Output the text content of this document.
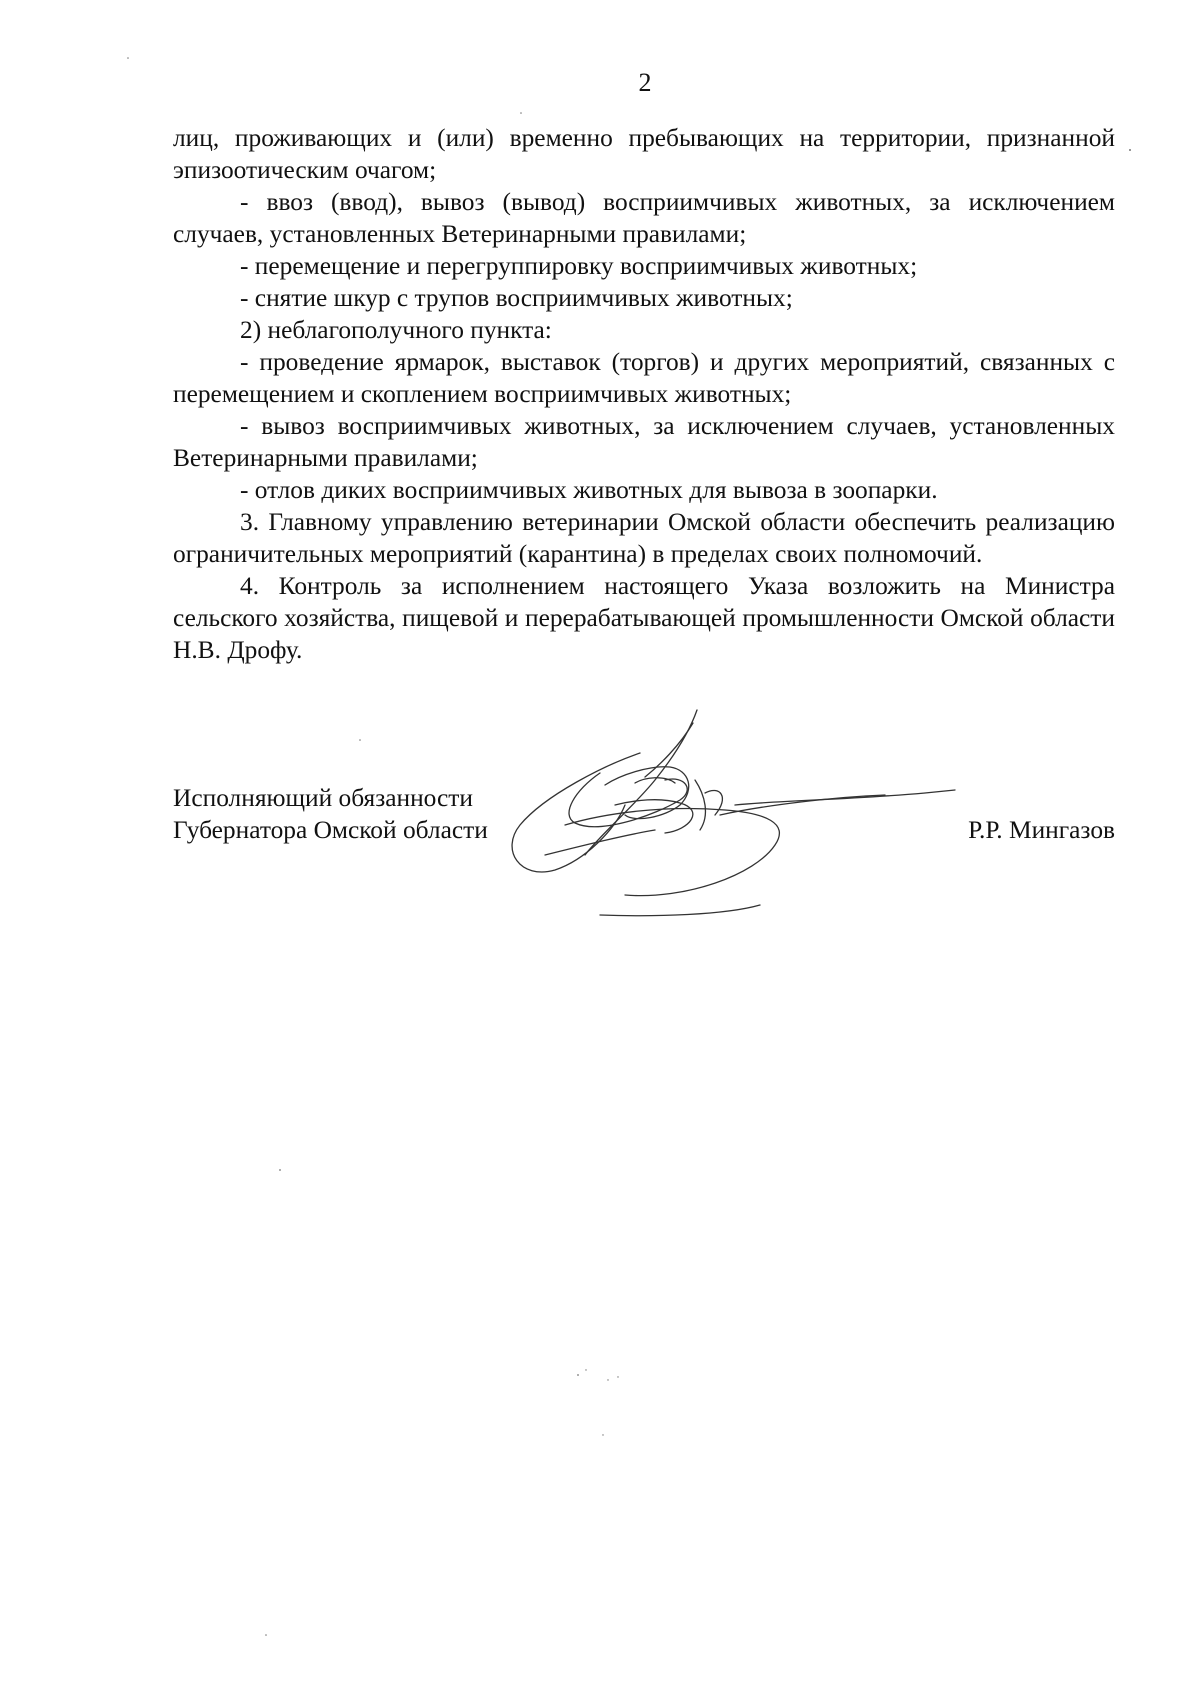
2

лиц, проживающих и (или) временно пребывающих на территории, признанной эпизоотическим очагом;

- ввоз (ввод), вывоз (вывод) восприимчивых животных, за исключением случаев, установленных Ветеринарными правилами;

- перемещение и перегруппировку восприимчивых животных;

- снятие шкур с трупов восприимчивых животных;

2) неблагополучного пункта:

- проведение ярмарок, выставок (торгов) и других мероприятий, связанных с перемещением и скоплением восприимчивых животных;

- вывоз восприимчивых животных, за исключением случаев, установленных Ветеринарными правилами;

- отлов диких восприимчивых животных для вывоза в зоопарки.

3. Главному управлению ветеринарии Омской области обеспечить реализацию ограничительных мероприятий (карантина) в пределах своих полномочий.

4. Контроль за исполнением настоящего Указа возложить на Министра сельского хозяйства, пищевой и перерабатывающей промышленности Омской области Н.В. Дрофу.

Исполняющий обязанности
Губернатора Омской области	Р.Р. Мингазов
